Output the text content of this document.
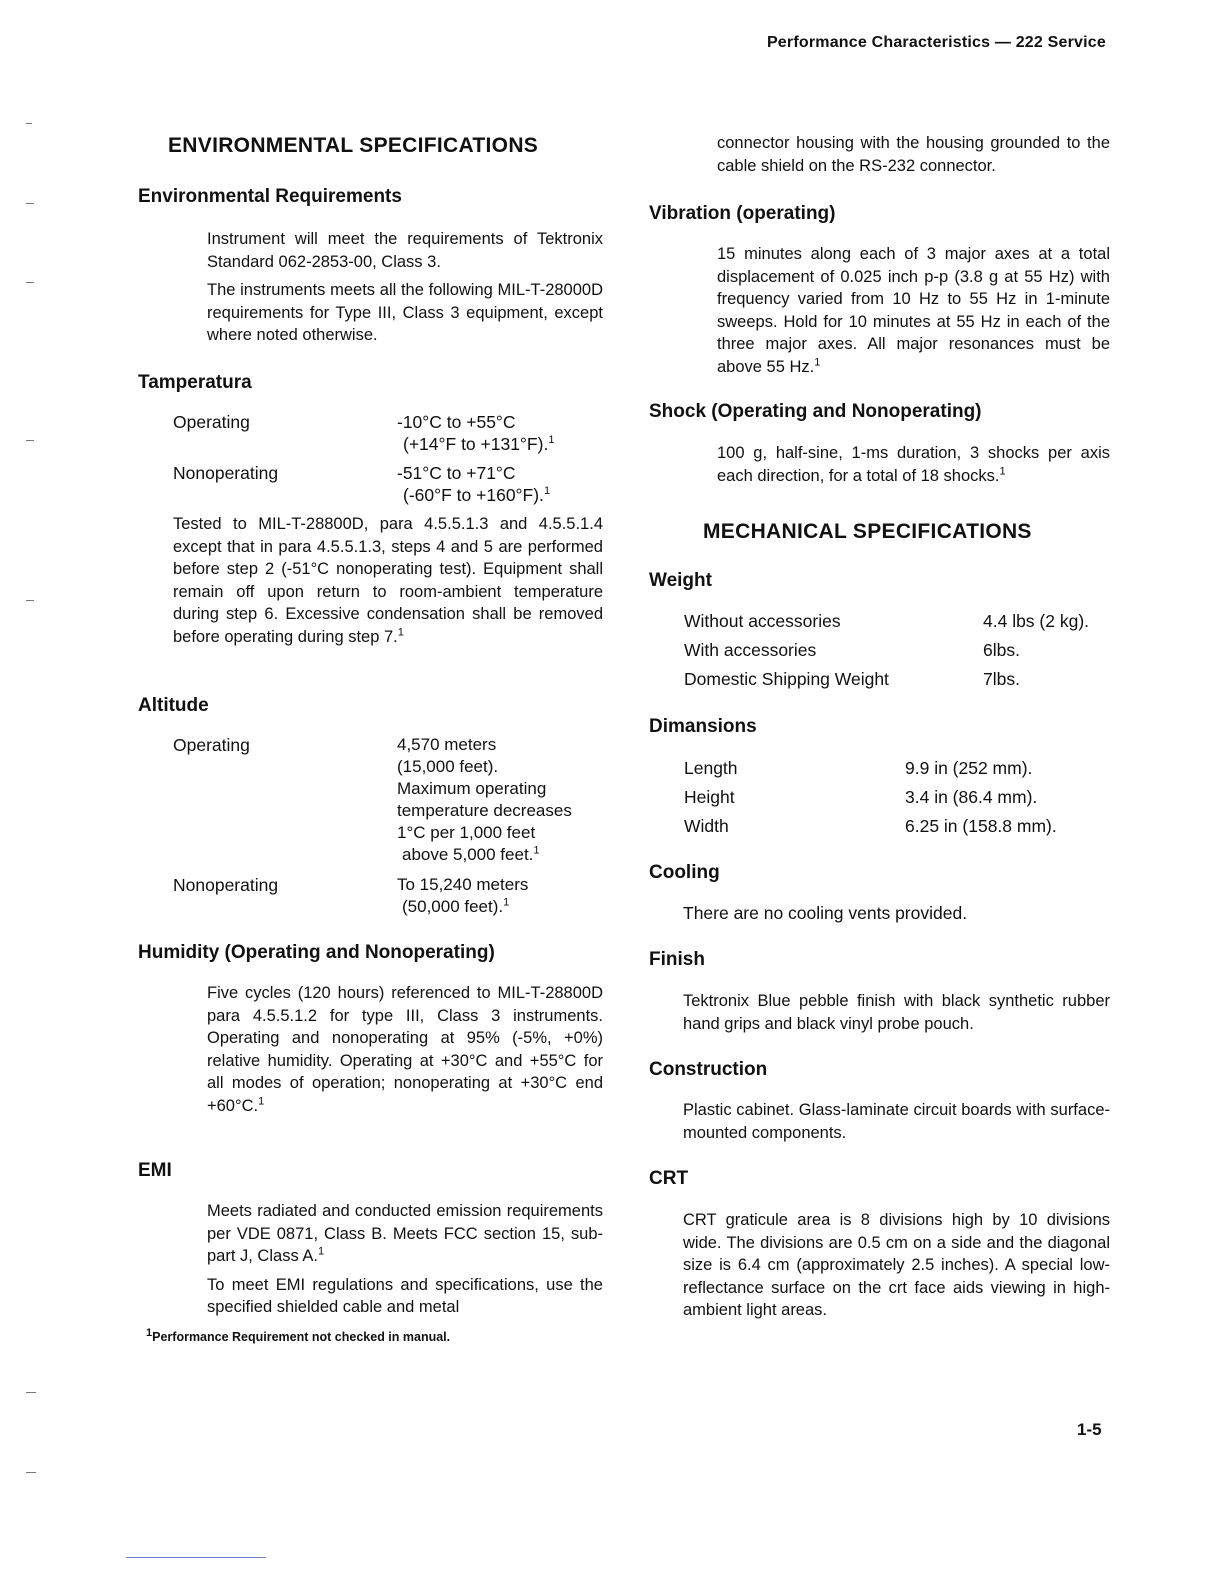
Performance Characteristics — 222 Service
ENVIRONMENTAL SPECIFICATIONS
Environmental Requirements
Instrument will meet the requirements of Tektronix Standard 062-2853-00, Class 3.
The instruments meets all the following MIL-T-28000D requirements for Type III, Class 3 equipment, except where noted otherwise.
Tamperatura
Operating	-10°C to +55°C
(+14°F to +131°F).$^1$
Nonoperating	-51°C to +71°C
(-60°F to +160°F).$^1$
Tested to MIL-T-28800D, para 4.5.5.1.3 and 4.5.5.1.4 except that in para 4.5.5.1.3, steps 4 and 5 are performed before step 2 (-51°C nonoperating test). Equipment shall remain off upon return to room-ambient temperature during step 6. Excessive condensation shall be removed before operating during step 7.$^1$
Altitude
Operating	4,570 meters
(15,000 feet).
Maximum operating
temperature decreases
1°C per 1,000 feet
above 5,000 feet.$^1$
Nonoperating	To 15,240 meters
(50,000 feet).$^1$
Humidity (Operating and Nonoperating)
Five cycles (120 hours) referenced to MIL-T-28800D para 4.5.5.1.2 for type III, Class 3 instruments. Operating and nonoperating at 95% (-5%, +0%) relative humidity. Operating at +30°C and +55°C for all modes of operation; nonoperating at +30°C end +60°C.$^1$
EMI
Meets radiated and conducted emission requirements per VDE 0871, Class B. Meets FCC section 15, sub-part J, Class A.$^1$
To meet EMI regulations and specifications, use the specified shielded cable and metal
$^1$Performance Requirement not checked in manual.
connector housing with the housing grounded to the cable shield on the RS-232 connector.
Vibration (operating)
15 minutes along each of 3 major axes at a total displacement of 0.025 inch p-p (3.8 g at 55 Hz) with frequency varied from 10 Hz to 55 Hz in 1-minute sweeps. Hold for 10 minutes at 55 Hz in each of the three major axes. All major resonances must be above 55 Hz.$^1$
Shock (Operating and Nonoperating)
100 g, half-sine, 1-ms duration, 3 shocks per axis each direction, for a total of 18 shocks.$^1$
MECHANICAL SPECIFICATIONS
Weight
Without accessories	4.4 lbs (2 kg).
With accessories	6lbs.
Domestic Shipping Weight	7lbs.
Dimansions
Length	9.9 in (252 mm).
Height	3.4 in (86.4 mm).
Width	6.25 in (158.8 mm).
Cooling
There are no cooling vents provided.
Finish
Tektronix Blue pebble finish with black synthetic rubber hand grips and black vinyl probe pouch.
Construction
Plastic cabinet. Glass-laminate circuit boards with surface-mounted components.
CRT
CRT graticule area is 8 divisions high by 10 divisions wide. The divisions are 0.5 cm on a side and the diagonal size is 6.4 cm (approximately 2.5 inches). A special low-reflectance surface on the crt face aids viewing in high-ambient light areas.
1-5
